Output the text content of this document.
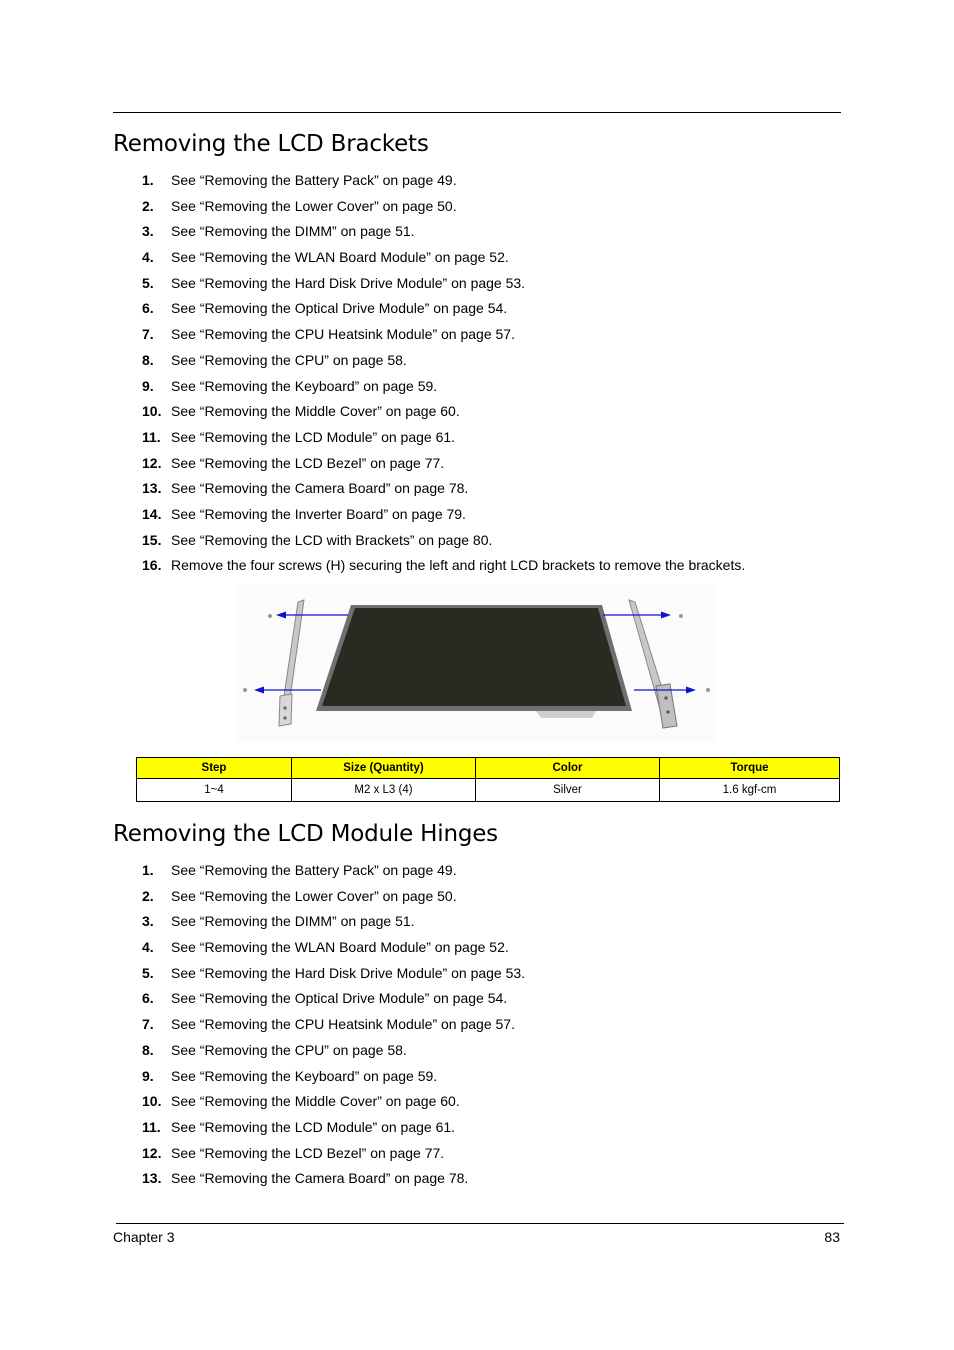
Removing the LCD Brackets
1. See “Removing the Battery Pack” on page 49.
2. See “Removing the Lower Cover” on page 50.
3. See “Removing the DIMM” on page 51.
4. See “Removing the WLAN Board Module” on page 52.
5. See “Removing the Hard Disk Drive Module” on page 53.
6. See “Removing the Optical Drive Module” on page 54.
7. See “Removing the CPU Heatsink Module” on page 57.
8. See “Removing the CPU” on page 58.
9. See “Removing the Keyboard” on page 59.
10. See “Removing the Middle Cover” on page 60.
11. See “Removing the LCD Module” on page 61.
12. See “Removing the LCD Bezel” on page 77.
13. See “Removing the Camera Board” on page 78.
14. See “Removing the Inverter Board” on page 79.
15. See “Removing the LCD with Brackets” on page 80.
16. Remove the four screws (H) securing the left and right LCD brackets to remove the brackets.
Step	Size (Quantity)	Color	Torque
1~4	M2 x L3 (4)	Silver	1.6 kgf-cm
Removing the LCD Module Hinges
1. See “Removing the Battery Pack” on page 49.
2. See “Removing the Lower Cover” on page 50.
3. See “Removing the DIMM” on page 51.
4. See “Removing the WLAN Board Module” on page 52.
5. See “Removing the Hard Disk Drive Module” on page 53.
6. See “Removing the Optical Drive Module” on page 54.
7. See “Removing the CPU Heatsink Module” on page 57.
8. See “Removing the CPU” on page 58.
9. See “Removing the Keyboard” on page 59.
10. See “Removing the Middle Cover” on page 60.
11. See “Removing the LCD Module” on page 61.
12. See “Removing the LCD Bezel” on page 77.
13. See “Removing the Camera Board” on page 78.
Chapter 3	83
